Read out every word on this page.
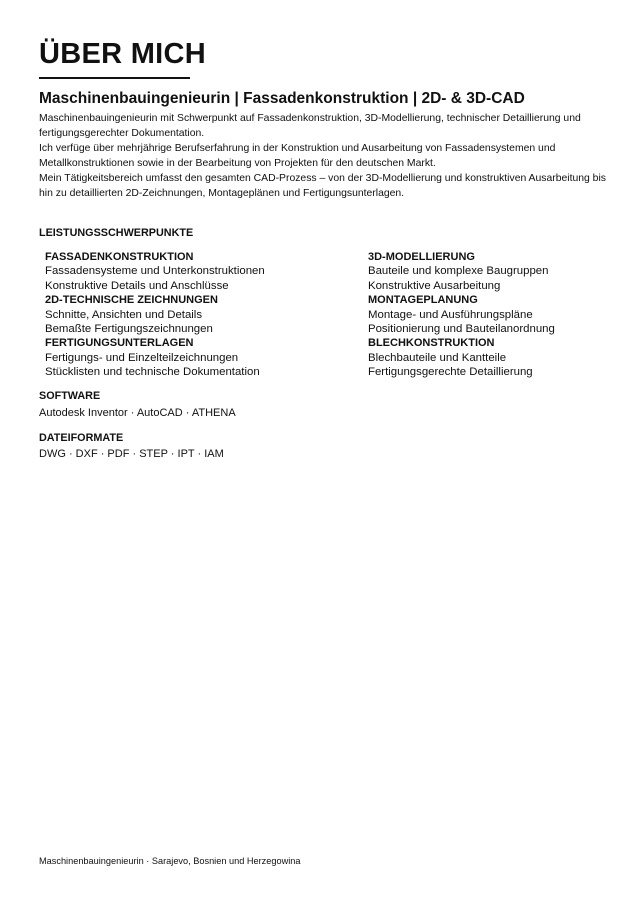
ÜBER MICH
Maschinenbauingenieurin | Fassadenkonstruktion | 2D- & 3D-CAD

Maschinenbauingenieurin mit Schwerpunkt auf Fassadenkonstruktion, 3D-Modellierung, technischer Detaillierung und fertigungsgerechter Dokumentation.

Ich verfüge über mehrjährige Berufserfahrung in der Konstruktion und Ausarbeitung von Fassadensystemen und Metallkonstruktionen sowie in der Bearbeitung von Projekten für den deutschen Markt.

Mein Tätigkeitsbereich umfasst den gesamten CAD-Prozess – von der 3D-Modellierung und konstruktiven Ausarbeitung bis hin zu detaillierten 2D-Zeichnungen, Montageplänen und Fertigungsunterlagen.

LEISTUNGSSCHWERPUNKTE
FASSADENKONSTRUKTION
Fassadensysteme und Unterkonstruktionen
Konstruktive Details und Anschlüsse
2D-TECHNISCHE ZEICHNUNGEN
Schnitte, Ansichten und Details
Bemaßte Fertigungszeichnungen
FERTIGUNGSUNTERLAGEN
Fertigungs- und Einzelteilzeichnungen
Stücklisten und technische Dokumentation
3D-MODELLIERUNG
Bauteile und komplexe Baugruppen
Konstruktive Ausarbeitung
MONTAGEPLANUNG
Montage- und Ausführungspläne
Positionierung und Bauteilanordnung
BLECHKONSTRUKTION
Blechbauteile und Kantteile
Fertigungsgerechte Detaillierung
SOFTWARE
Autodesk Inventor · AutoCAD · ATHENA
DATEIFORMATE
DWG · DXF · PDF · STEP · IPT · IAM
Maschinenbauingenieurin · Sarajevo, Bosnien und Herzegowina
